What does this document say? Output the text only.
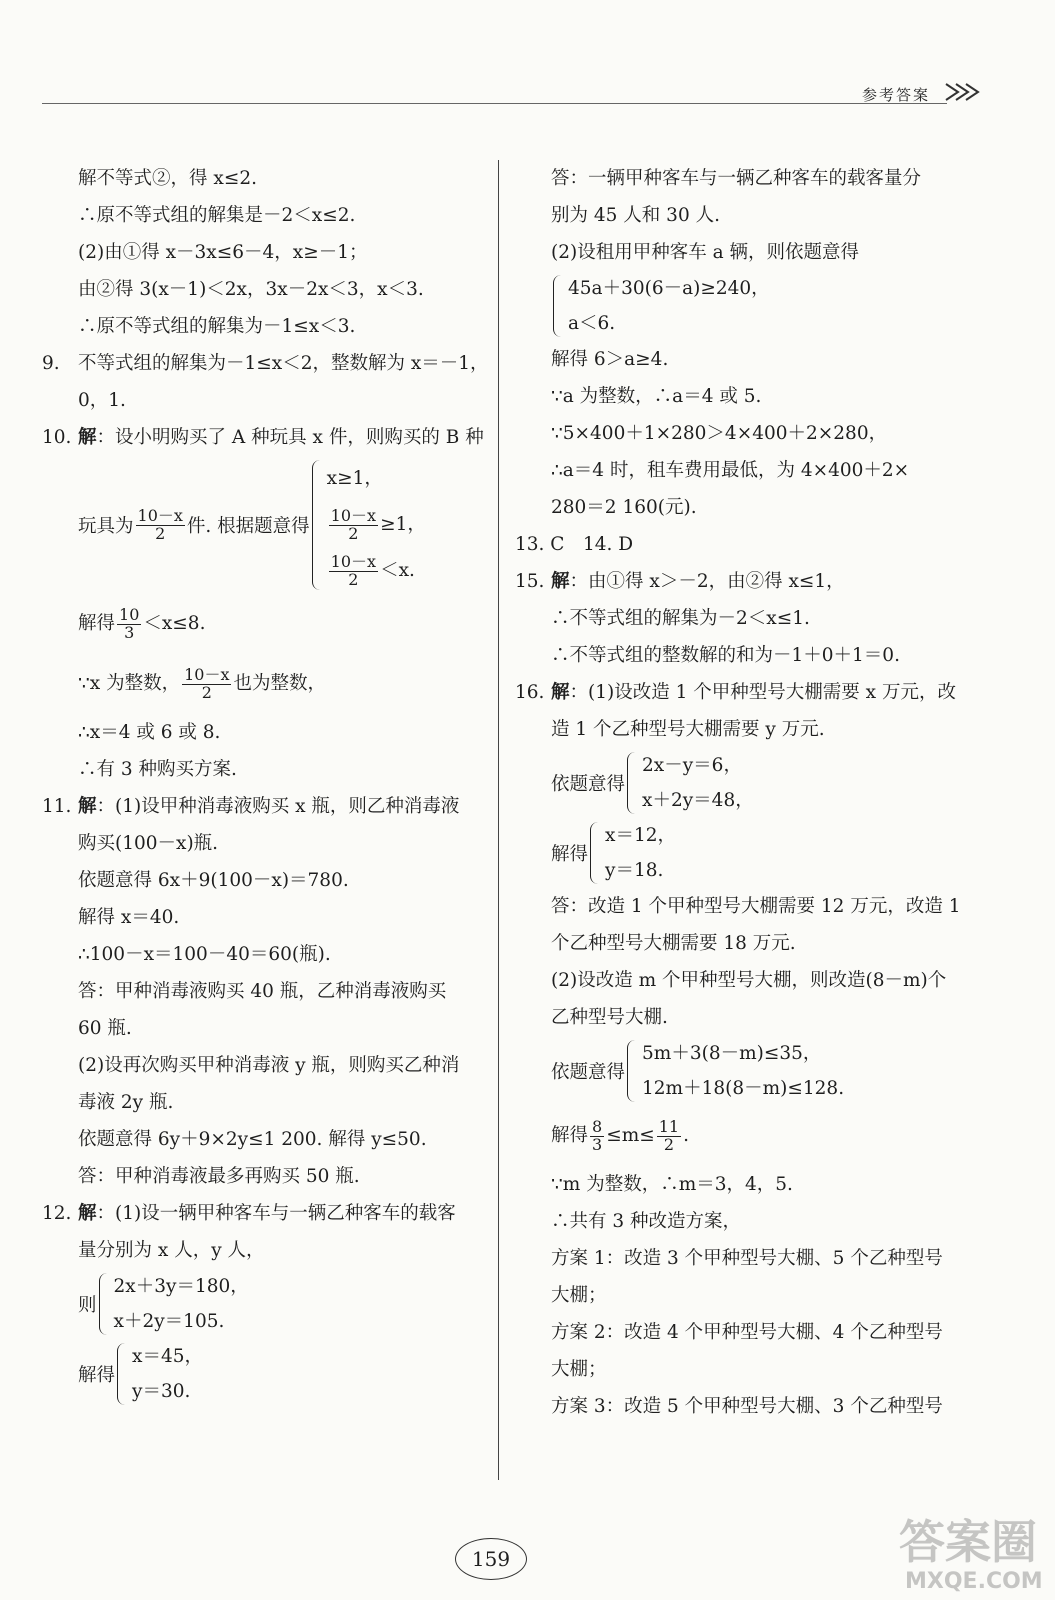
参考答案
解不等式②，得 x≤2.
∴原不等式组的解集是－2＜x≤2.
(2)由①得 x－3x≤6－4，x≥－1；
由②得 3(x－1)＜2x，3x－2x＜3，x＜3.
∴原不等式组的解集为－1≤x＜3.
9. 不等式组的解集为－1≤x＜2，整数解为 x＝－1，
0，1.
10. 解：设小明购买了 A 种玩具 x 件，则购买的 B 种
玩具为 $\frac{10-x}{2}$ 件. 根据题意得
x≥1，
$\frac{10-x}{2} \ge 1$，
$\frac{10-x}{2} <x$.
解得 $\frac{10}{3} <x\le 8$.
∵x 为整数， $\frac{10-x}{2}$ 也为整数，
∴x＝4 或 6 或 8.
∴有 3 种购买方案.
11. 解：(1)设甲种消毒液购买 x 瓶，则乙种消毒液
购买(100－x)瓶.
依题意得 6x＋9(100－x)＝780.
解得 x＝40.
∴100－x＝100－40＝60(瓶).
答：甲种消毒液购买 40 瓶，乙种消毒液购买
60 瓶.
(2)设再次购买甲种消毒液 y 瓶，则购买乙种消
毒液 2y 瓶.
依题意得 6y＋9×2y≤1 200. 解得 y≤50.
答：甲种消毒液最多再购买 50 瓶.
12. 解：(1)设一辆甲种客车与一辆乙种客车的载客
量分别为 x 人，y 人，
则
2x＋3y＝180，
x＋2y＝105.
解得
x＝45，
y＝30.
答：一辆甲种客车与一辆乙种客车的载客量分
别为 45 人和 30 人.
(2)设租用甲种客车 a 辆，则依题意得
45a＋30(6－a)≥240，
a＜6.
解得 6＞a≥4.
∵a 为整数，∴a＝4 或 5.
∵5×400＋1×280＞4×400＋2×280，
∴a＝4 时，租车费用最低，为 4×400＋2×
280＝2 160(元).
13. C　14. D
15. 解：由①得 x＞－2，由②得 x≤1，
∴不等式组的解集为－2＜x≤1.
∴不等式组的整数解的和为－1＋0＋1＝0.
16. 解：(1)设改造 1 个甲种型号大棚需要 x 万元，改
造 1 个乙种型号大棚需要 y 万元.
依题意得
2x－y＝6，
x＋2y＝48，
解得
x＝12，
y＝18.
答：改造 1 个甲种型号大棚需要 12 万元，改造 1
个乙种型号大棚需要 18 万元.
(2)设改造 m 个甲种型号大棚，则改造(8－m)个
乙种型号大棚.
依题意得
5m＋3(8－m)≤35，
12m＋18(8－m)≤128.
解得 $\frac{8}{3} \le m\le \frac{11}{2}$ .
∵m 为整数，∴m＝3，4，5.
∴共有 3 种改造方案，
方案 1：改造 3 个甲种型号大棚、5 个乙种型号
大棚；
方案 2：改造 4 个甲种型号大棚、4 个乙种型号
大棚；
方案 3：改造 5 个甲种型号大棚、3 个乙种型号
159	答案圈
MXQE.COM
